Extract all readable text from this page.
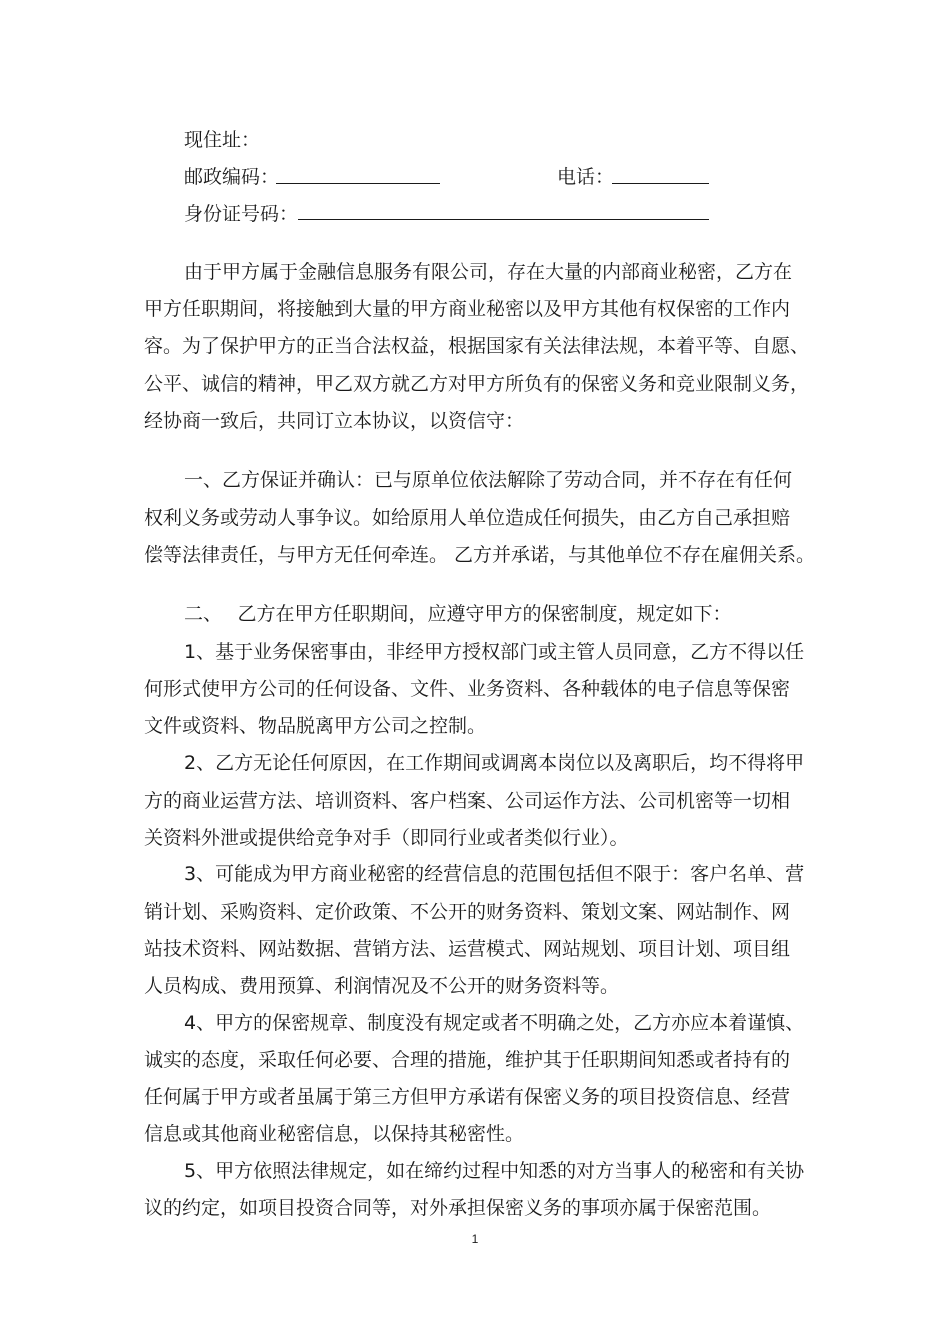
现住址：
邮政编码：	电话：
身份证号码：
由于甲方属于金融信息服务有限公司，存在大量的内部商业秘密，乙方在
甲方任职期间，将接触到大量的甲方商业秘密以及甲方其他有权保密的工作内
容。为了保护甲方的正当合法权益，根据国家有关法律法规，本着平等、自愿、
公平、诚信的精神，甲乙双方就乙方对甲方所负有的保密义务和竞业限制义务，
经协商一致后，共同订立本协议，以资信守：
一、乙方保证并确认：已与原单位依法解除了劳动合同，并不存在有任何
权利义务或劳动人事争议。如给原用人单位造成任何损失，由乙方自己承担赔
偿等法律责任，与甲方无任何牵连。 乙方并承诺，与其他单位不存在雇佣关系。
二、　 乙方在甲方任职期间，应遵守甲方的保密制度，规定如下：
1、基于业务保密事由，非经甲方授权部门或主管人员同意，乙方不得以任
何形式使甲方公司的任何设备、文件、业务资料、各种载体的电子信息等保密
文件或资料、物品脱离甲方公司之控制。
2、乙方无论任何原因，在工作期间或调离本岗位以及离职后，均不得将甲
方的商业运营方法、培训资料、客户档案、公司运作方法、公司机密等一切相
关资料外泄或提供给竞争对手（即同行业或者类似行业）。
3、可能成为甲方商业秘密的经营信息的范围包括但不限于：客户名单、营
销计划、采购资料、定价政策、不公开的财务资料、策划文案、网站制作、网
站技术资料、网站数据、营销方法、运营模式、网站规划、项目计划、项目组
人员构成、费用预算、利润情况及不公开的财务资料等。
4、甲方的保密规章、制度没有规定或者不明确之处，乙方亦应本着谨慎、
诚实的态度，采取任何必要、合理的措施，维护其于任职期间知悉或者持有的
任何属于甲方或者虽属于第三方但甲方承诺有保密义务的项目投资信息、经营
信息或其他商业秘密信息，以保持其秘密性。
5、甲方依照法律规定，如在缔约过程中知悉的对方当事人的秘密和有关协
议的约定，如项目投资合同等，对外承担保密义务的事项亦属于保密范围。
1
